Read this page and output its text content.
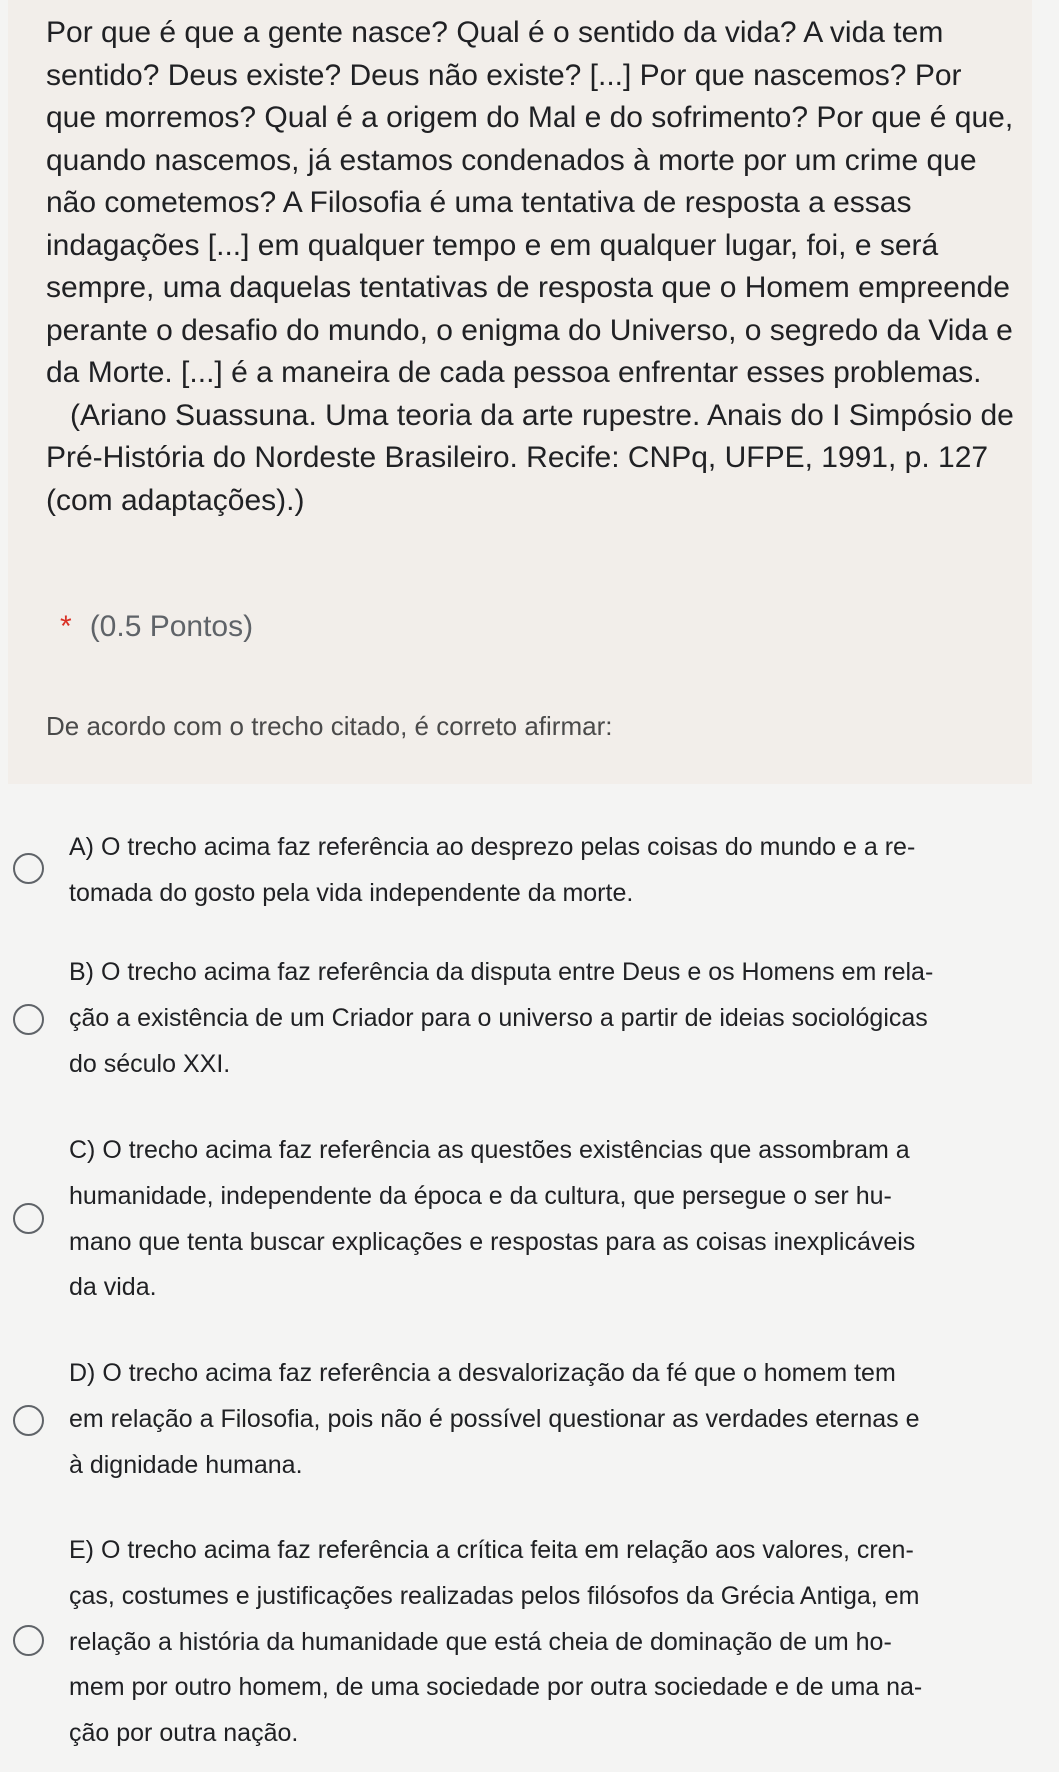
Por que é que a gente nasce? Qual é o sentido da vida? A vida tem sentido? Deus existe? Deus não existe? [...] Por que nascemos? Por que morremos? Qual é a origem do Mal e do sofrimento? Por que é que, quando nascemos, já estamos condenados à morte por um crime que não cometemos? A Filosofia é uma tentativa de resposta a essas indagações [...] em qualquer tempo e em qualquer lugar, foi, e será sempre, uma daquelas tentativas de resposta que o Homem empreende perante o desafio do mundo, o enigma do Universo, o segredo da Vida e da Morte. [...] é a maneira de cada pessoa enfrentar esses problemas.

(Ariano Suassuna. Uma teoria da arte rupestre. Anais do I Simpósio de Pré-História do Nordeste Brasileiro. Recife: CNPq, UFPE, 1991, p. 127 (com adaptações).)

* (0.5 Pontos)
De acordo com o trecho citado, é correto afirmar:
A) O trecho acima faz referência ao desprezo pelas coisas do mundo e a re-
tomada do gosto pela vida independente da morte.
B) O trecho acima faz referência da disputa entre Deus e os Homens em rela-
ção a existência de um Criador para o universo a partir de ideias sociológicas
do século XXI.
C) O trecho acima faz referência as questões existências que assombram a
humanidade, independente da época e da cultura, que persegue o ser hu-
mano que tenta buscar explicações e respostas para as coisas inexplicáveis
da vida.
D) O trecho acima faz referência a desvalorização da fé que o homem tem
em relação a Filosofia, pois não é possível questionar as verdades eternas e
à dignidade humana.
E) O trecho acima faz referência a crítica feita em relação aos valores, cren-
ças, costumes e justificações realizadas pelos filósofos da Grécia Antiga, em
relação a história da humanidade que está cheia de dominação de um ho-
mem por outro homem, de uma sociedade por outra sociedade e de uma na-
ção por outra nação.
